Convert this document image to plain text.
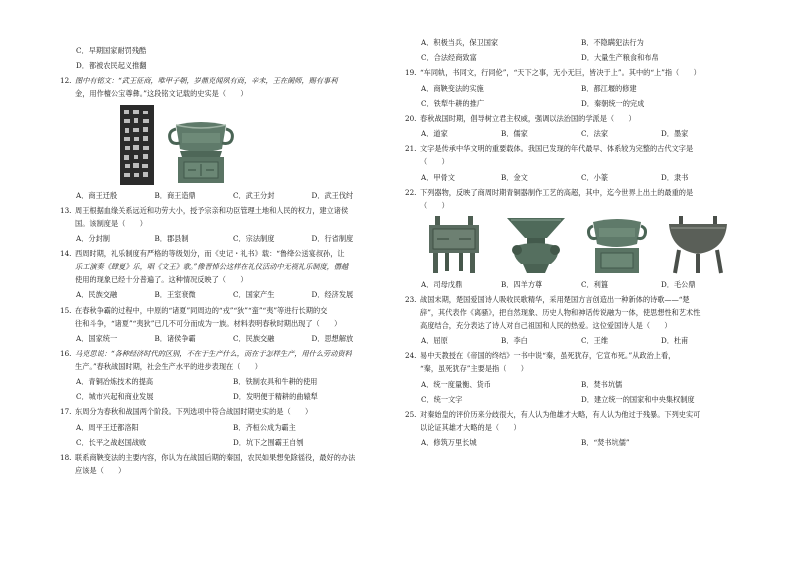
C．早期国家耐罚残酷
D．都被农民起义推翻
12. 图中有铭文：“武王征商，唯甲子朝，岁鼎克闻夙有商，辛未，王在阑师，赐有事利
金，用作檀公宝尊彝。”这段铭文记载的史实是（　　）
A．商王迁殷	B．商王造鼎	C．武王分封	D．武王伐纣
13. 周王根据血缘关系远近和功劳大小，授予宗亲和功臣管理土地和人民的权力，建立诸侯
国。该制度是（　　）
A．分封制	B．郡县制	C．宗法制度	D．行省制度
14. 西周时期，礼乐制度有严格的等级划分，而《史记・礼书》载：“鲁绛公送宴叔孙，让
乐工演奏《肆夏》乐，唱《文王》歌。”像晋悼公这样在礼仪活动中无视礼乐制度，僭越
使用的现象已经十分普遍了。这种情况反映了（　　）
A．民族交融	B．王室衰微	C．国家产生	D．经济发展
15. 在春秋争霸的过程中，中原的“诸夏”同周边的“戎”“狄”“蛮”“夷”等进行长期的交
往和斗争，“诸夏”“夷狄”已几不可分而成为一族。材料表明春秋时期出现了（　　）
A．国家统一	B．诸侯争霸	C．民族交融	D．思想解放
16. 马克思说：“各种经济时代的区别，不在于生产什么，而在于怎样生产，用什么劳动资料
生产。”春秋战国时期，社会生产水平的进步表现在（　　）
A．青铜冶炼技术的提高	B．铁制农具和牛耕的使用
C．城市兴起和商业发展	D．发明便于精耕的曲辕犁
17. 东周分为春秋和战国两个阶段。下列选项中符合战国时期史实的是（　　）
A．周平王迁都洛阳	B．齐桓公成为霸主
C．长平之战赵国战败	D．坑下之围霸王自刎
18. 联系商鞅变法的主要内容，你认为在战国后期的秦国，农民如果想免除徭役，最好的办法
应该是（　　）
A．积极当兵，保卫国家	B．不隐瞒犯法行为
C．合法经商致富	D．大量生产粮食和布帛
19. “车同轨，书同文，行同伦”，“天下之事，无小无巨，皆决于上”。其中的“上”指（　　）
A．商鞅变法的实施	B．都江堰的修建
C．铁犁牛耕的推广	D．秦朝统一的完成
20. 春秋战国时期，倡导树立君主权威，强调以法治国的学派是（　　）
A．道家	B．儒家	C．法家	D．墨家
21. 文字是传承中华文明的重要载体。我国已发现的年代最早、体系较为完整的古代文字是
（　　）
A．甲骨文	B．金文	C．小篆	D．隶书
22. 下列器物，反映了商周时期青铜器制作工艺的高超，其中，迄今世界上出土的最重的是
（　　）
A．司母戊鼎	B．四羊方尊	C．利簋	D．毛公鼎
23. 战国末期，楚国爱国诗人吸收民歌精华，采用楚国方言创造出一种新体的诗歌——“楚
辞”，其代表作《离骚》，把自然现象、历史人物和神话传说融为一体，使思想性和艺术性
高度结合，充分表达了诗人对自己祖国和人民的热爱。这位爱国诗人是（　　）
A．屈原	B．李白	C．王维	D．杜甫
24. 易中天教授在《帝国的终结》一书中说“秦，虽死犹存，它宣布死。”从政治上看，
“秦，虽死犹存”主要是指（　　）
A．统一度量衡、货币	B．焚书坑儒
C．统一文字	D．建立统一的国家和中央集权制度
25. 对秦始皇的评价历来分歧很大，有人认为他雄才大略，有人认为他过于残暴。下列史实可
以论证其雄才大略的是（　　）
A．修筑万里长城	B．“焚书坑儒”
